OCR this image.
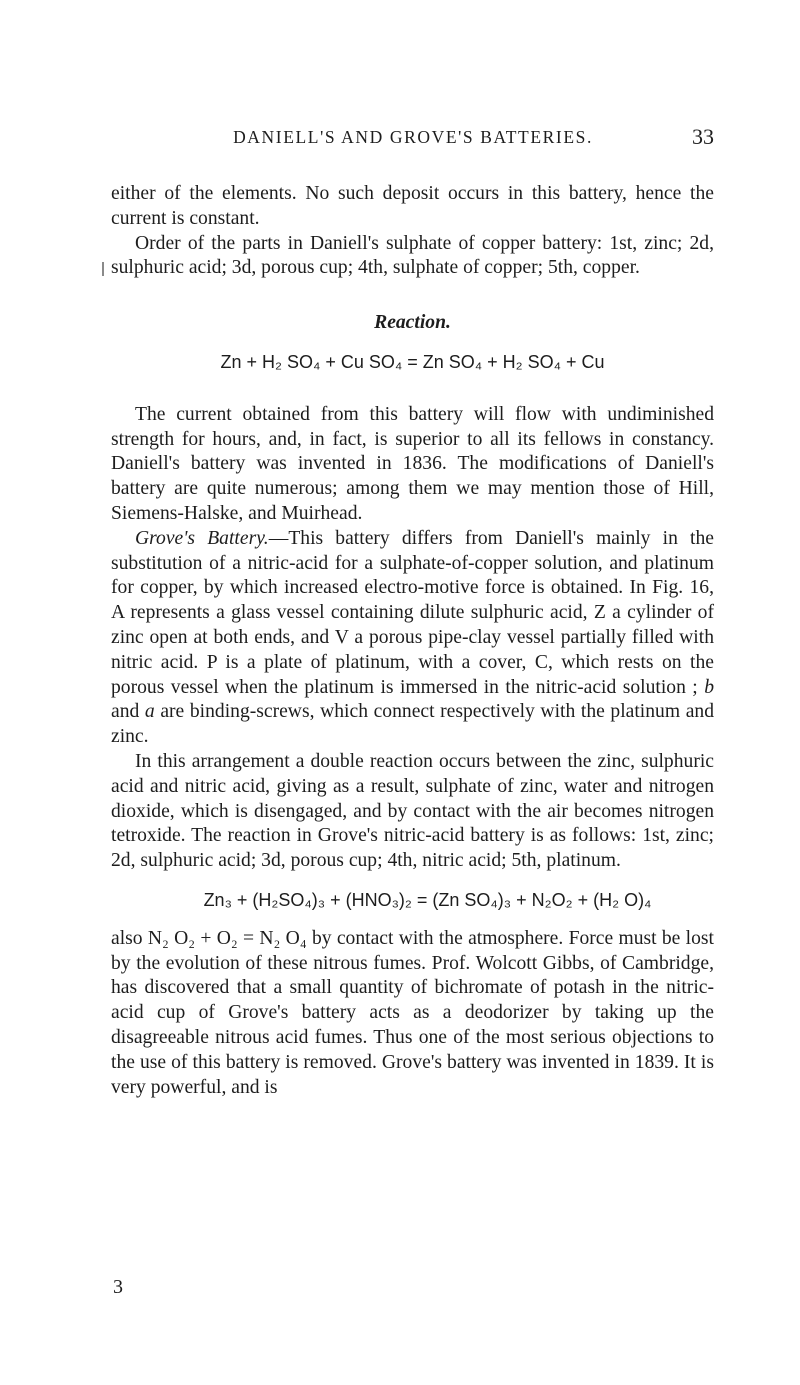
DANIELL'S AND GROVE'S BATTERIES.	33

either of the elements. No such deposit occurs in this battery, hence the current is constant.

Order of the parts in Daniell's sulphate of copper battery: 1st, zinc; 2d, sulphuric acid; 3d, porous cup; 4th, sulphate of copper; 5th, copper.

Reaction.

Zn + H₂ SO₄ + Cu SO₄ = Zn SO₄ + H₂ SO₄ + Cu

The current obtained from this battery will flow with undiminished strength for hours, and, in fact, is superior to all its fellows in constancy. Daniell's battery was invented in 1836. The modifications of Daniell's battery are quite numerous; among them we may mention those of Hill, Siemens-Halske, and Muirhead.

Grove's Battery.—This battery differs from Daniell's mainly in the substitution of a nitric-acid for a sulphate-of-copper solution, and platinum for copper, by which increased electro-motive force is obtained. In Fig. 16, A represents a glass vessel containing dilute sulphuric acid, Z a cylinder of zinc open at both ends, and V a porous pipe-clay vessel partially filled with nitric acid. P is a plate of platinum, with a cover, C, which rests on the porous vessel when the platinum is immersed in the nitric-acid solution ; b and a are binding-screws, which connect respectively with the platinum and zinc.

In this arrangement a double reaction occurs between the zinc, sulphuric acid and nitric acid, giving as a result, sulphate of zinc, water and nitrogen dioxide, which is disengaged, and by contact with the air becomes nitrogen tetroxide. The reaction in Grove's nitric-acid battery is as follows: 1st, zinc; 2d, sulphuric acid; 3d, porous cup; 4th, nitric acid; 5th, platinum.

Zn₃ + (H₂SO₄)₃ + (HNO₃)₂ = (Zn SO₄)₃ + N₂O₂ + (H₂ O)₄

also N₂ O₂ + O₂ = N₂ O₄ by contact with the atmosphere. Force must be lost by the evolution of these nitrous fumes. Prof. Wolcott Gibbs, of Cambridge, has discovered that a small quantity of bichromate of potash in the nitric-acid cup of Grove's battery acts as a deodorizer by taking up the disagreeable nitrous acid fumes. Thus one of the most serious objections to the use of this battery is removed. Grove's battery was invented in 1839. It is very powerful, and is

3
